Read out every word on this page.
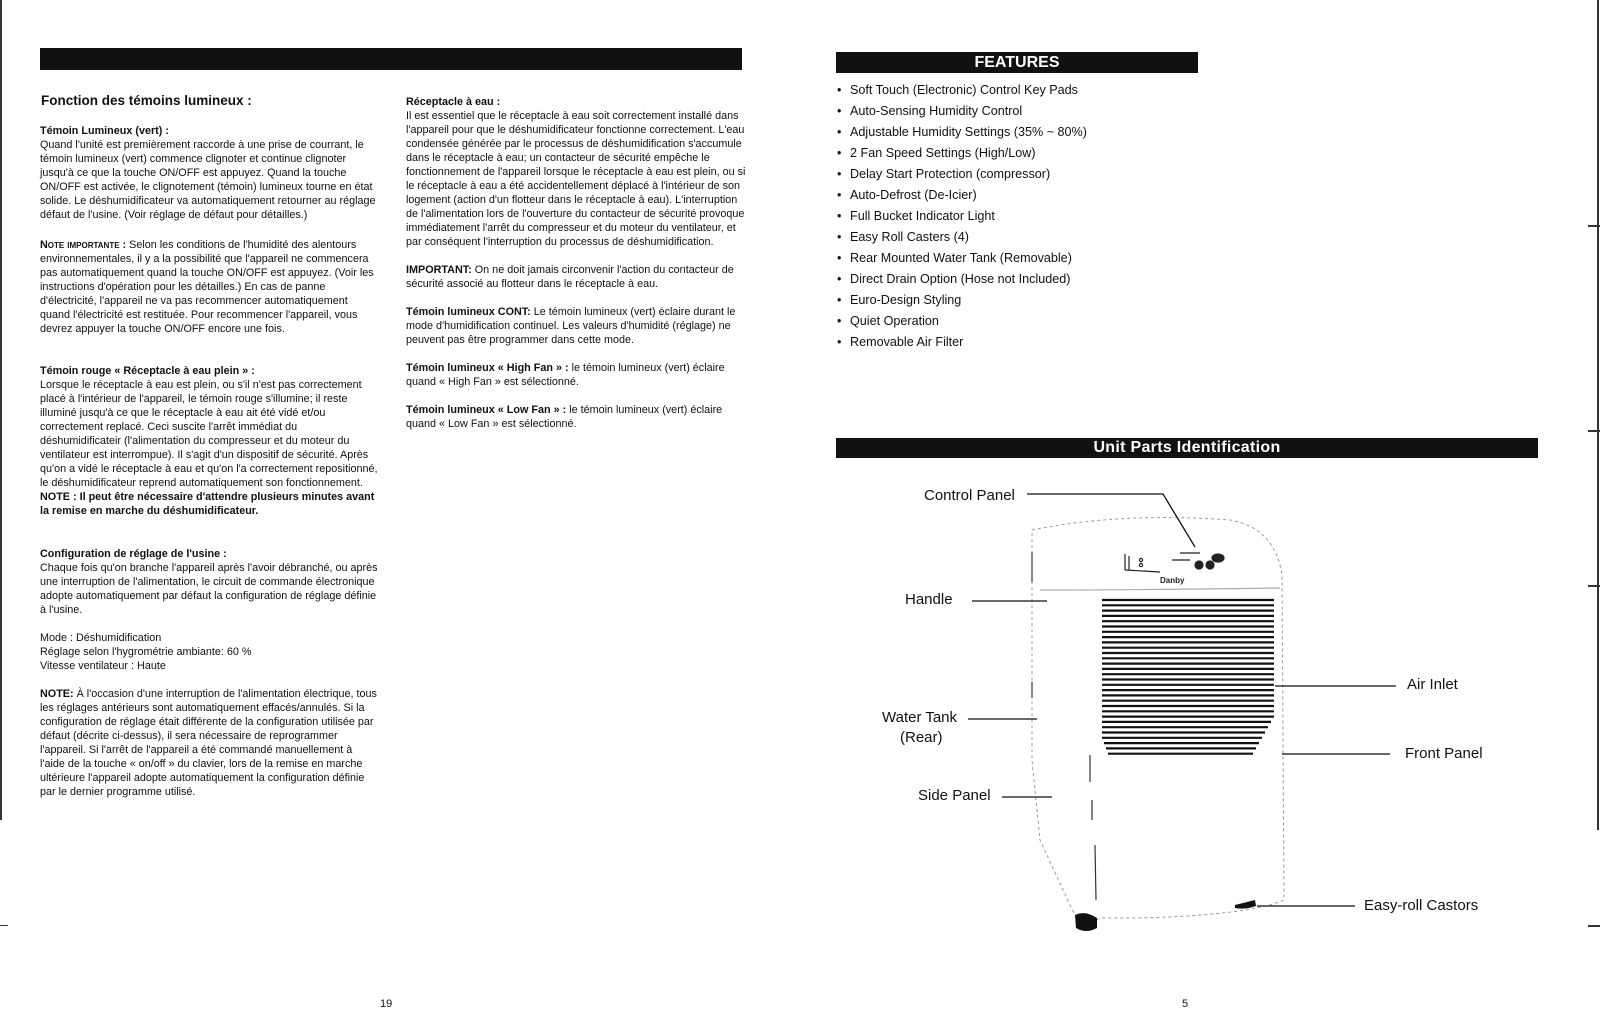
Fonction des témoins lumineux :
Témoin Lumineux (vert) :

Quand l'unité est premièrement raccorde à une prise de courrant, le témoin lumineux (vert) commence clignoter et continue clignoter jusqu'à ce que la touche ON/OFF est appuyez. Quand la touche ON/OFF est activée, le clignotement (témoin) lumineux tourne en état solide. Le déshumidificateur va automatiquement retourner au réglage défaut de l'usine. (Voir réglage de défaut pour détailles.)

Note importante : Selon les conditions de l'humidité des alentours environnementales, il y a la possibilité que l'appareil ne commencera pas automatiquement quand la touche ON/OFF est appuyez. (Voir les instructions d'opération pour les détailles.) En cas de panne d'électricité, l'appareil ne va pas recommencer automatiquement quand l'électricité est restituée. Pour recommencer l'appareil, vous devrez appuyer la touche ON/OFF encore une fois.

Témoin rouge « Réceptacle à eau plein » :

Lorsque le réceptacle à eau est plein, ou s'il n'est pas correctement placé à l'intérieur de l'appareil, le témoin rouge s'illumine; il reste illuminé jusqu'à ce que le réceptacle à eau ait été vidé et/ou correctement replacé. Ceci suscite l'arrêt immédiat du déshumidificateir (l'alimentation du compresseur et du moteur du ventilateur est interrompue). Il s'agit d'un dispositif de sécurité. Après qu'on a vidé le réceptacle à eau et qu'on l'a correctement repositionné, le déshumidificateur reprend automatiquement son fonctionnement. NOTE : Il peut être nécessaire d'attendre plusieurs minutes avant la remise en marche du déshumidificateur.

Configuration de réglage de l'usine :

Chaque fois qu'on branche l'appareil après l'avoir débranché, ou après une interruption de l'alimentation, le circuit de commande électronique adopte automatiquement par défaut la configuration de réglage définie à l'usine.

Mode : Déshumidification

Réglage selon l'hygrométrie ambiante: 60 %

Vitesse ventilateur : Haute

NOTE: À l'occasion d'une interruption de l'alimentation électrique, tous les réglages antérieurs sont automatiquement effacés/annulés. Si la configuration de réglage était différente de la configuration utilisée par défaut (décrite ci-dessus), il sera nécessaire de reprogrammer l'appareil. Si l'arrêt de l'appareil a été commandé manuellement à l'aide de la touche « on/off » du clavier, lors de la remise en marche ultérieure l'appareil adopte automatiquement la configuration définie par le dernier programme utilisé.

Réceptacle à eau :

Il est essentiel que le réceptacle à eau soit correctement installé dans l'appareil pour que le déshumidificateur fonctionne correctement. L'eau condensée générée par le processus de déshumidification s'accumule dans le réceptacle à eau; un contacteur de sécurité empêche le fonctionnement de l'appareil lorsque le réceptacle à eau est plein, ou si le réceptacle à eau a été accidentellement déplacé à l'intérieur de son logement (action d'un flotteur dans le réceptacle à eau). L'interruption de l'alimentation lors de l'ouverture du contacteur de sécurité provoque immédiatement l'arrêt du compresseur et du moteur du ventilateur, et par conséquent l'interruption du processus de déshumidification.

IMPORTANT: On ne doit jamais circonvenir l'action du contacteur de sécurité associé au flotteur dans le réceptacle à eau.

Témoin lumineux CONT: Le témoin lumineux (vert) éclaire durant le mode d'humidification continuel. Les valeurs d'humidité (réglage) ne peuvent pas être programmer dans cette mode.

Témoin lumineux « High Fan » : le témoin lumineux (vert) éclaire quand « High Fan » est sélectionné.

Témoin lumineux « Low Fan » : le témoin lumineux (vert) éclaire quand « Low Fan » est sélectionné.

19
FEATURES
• Soft Touch (Electronic) Control Key Pads
• Auto-Sensing Humidity Control
• Adjustable Humidity Settings (35% ~ 80%)
• 2 Fan Speed Settings (High/Low)
• Delay Start Protection (compressor)
• Auto-Defrost (De-Icier)
• Full Bucket Indicator Light
• Easy Roll Casters (4)
• Rear Mounted Water Tank (Removable)
• Direct Drain Option (Hose not Included)
• Euro-Design Styling
• Quiet Operation
• Removable Air Filter
Unit Parts Identification
Danby
Control Panel
Handle
Water Tank
(Rear)
Side Panel
Air Inlet
Front Panel
Easy-roll Castors
5
